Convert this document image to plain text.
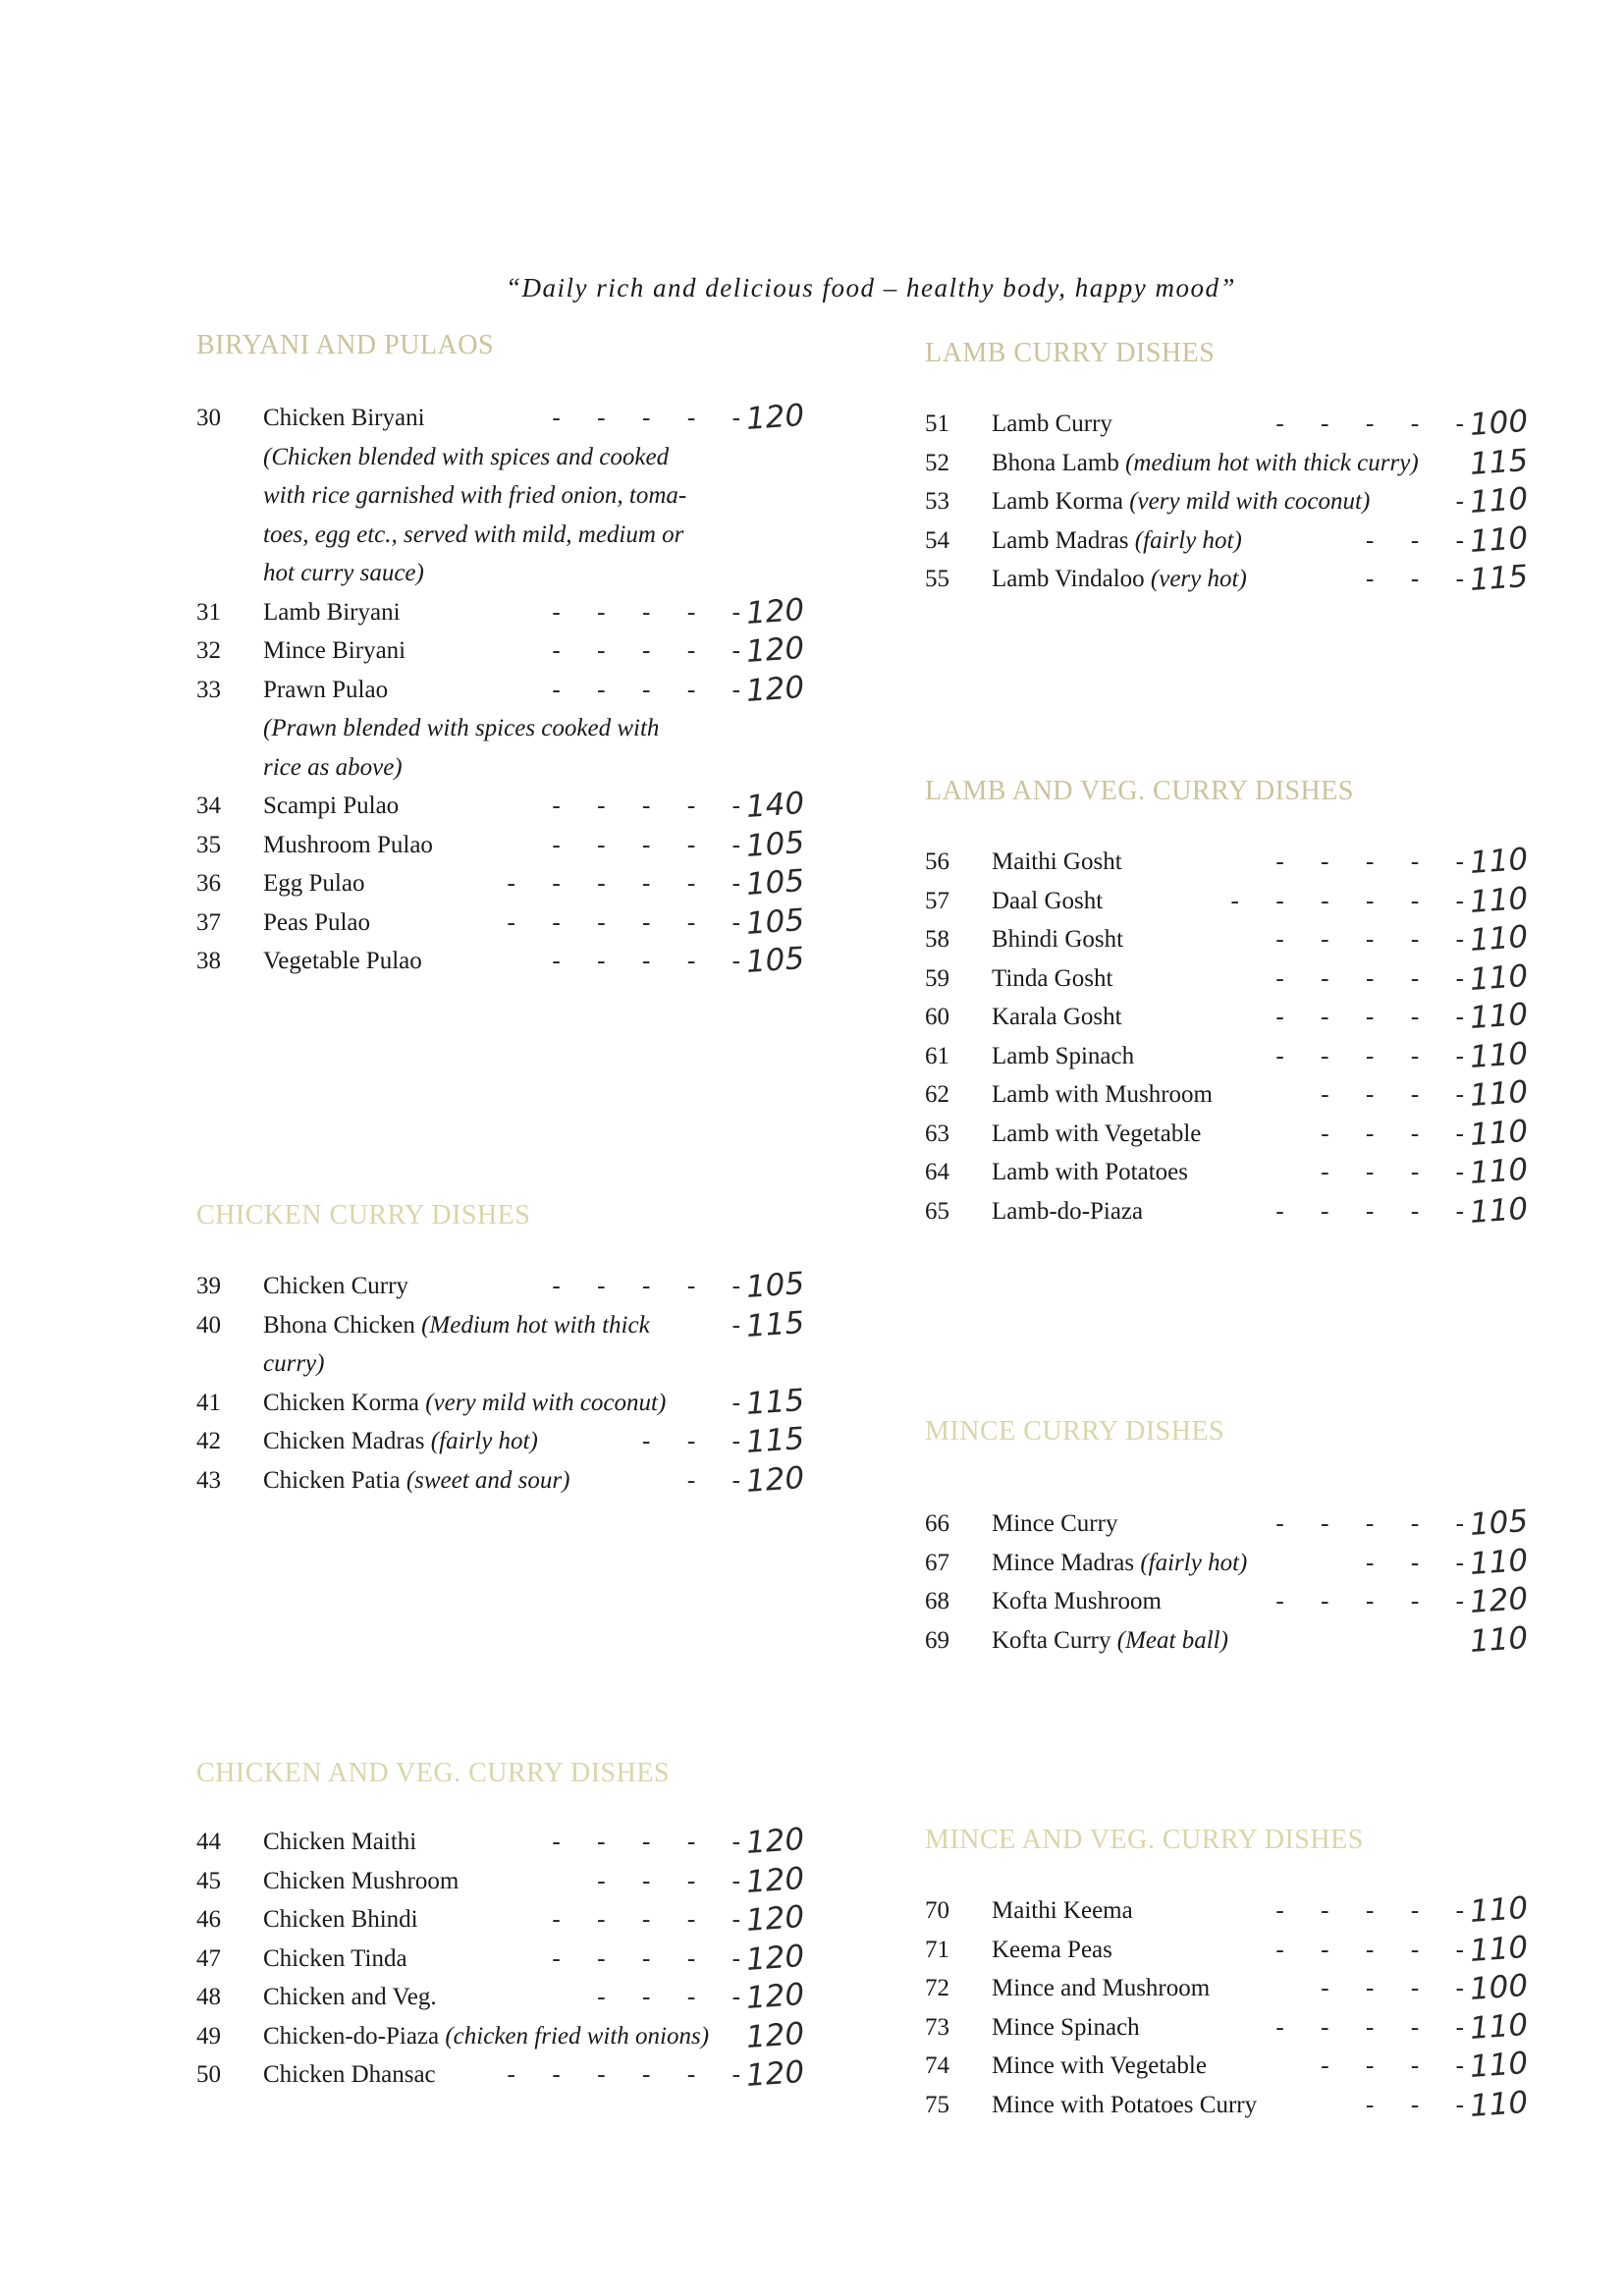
“Daily rich and delicious food – healthy body, happy mood”
BIRYANI AND PULAOS
30	Chicken Biryani	-      -      -      -      - 120
(Chicken blended with spices and cooked
with rice garnished with fried onion, toma-
toes, egg etc., served with mild, medium or
hot curry sauce)
31	Lamb Biryani	-      -      -      -      - 120
32	Mince Biryani	-      -      -      -      - 120
33	Prawn Pulao	-      -      -      -      - 120
(Prawn blended with spices cooked with
rice as above)
34	Scampi Pulao	-      -      -      -      - 140
35	Mushroom Pulao	-      -      -      -      - 105
36	Egg Pulao	-      -      -      -      -      - 105
37	Peas Pulao	-      -      -      -      -      - 105
38	Vegetable Pulao	-      -      -      -      - 105
CHICKEN CURRY DISHES
39	Chicken Curry	-      -      -      -      - 105
40	Bhona Chicken (Medium hot with thick	- 115
curry)
41	Chicken Korma (very mild with coconut)	- 115
42	Chicken Madras (fairly hot)	-      -      - 115
43	Chicken Patia (sweet and sour)	-      - 120
CHICKEN AND VEG. CURRY DISHES
44	Chicken Maithi	-      -      -      -      - 120
45	Chicken Mushroom	-      -      -      - 120
46	Chicken Bhindi	-      -      -      -      - 120
47	Chicken Tinda	-      -      -      -      - 120
48	Chicken and Veg.	-      -      -      - 120
49	Chicken-do-Piaza (chicken fried with onions) 120
50	Chicken Dhansac	-      -      -      -      -      - 120
LAMB CURRY DISHES
51	Lamb Curry	-      -      -      -      - 100
52	Bhona Lamb (medium hot with thick curry) 115
53	Lamb Korma (very mild with coconut)	- 110
54	Lamb Madras (fairly hot)	-      -      - 110
55	Lamb Vindaloo (very hot)	-      -      - 115
LAMB AND VEG. CURRY DISHES
56	Maithi Gosht	-      -      -      -      - 110
57	Daal Gosht	-      -      -      -      -      - 110
58	Bhindi Gosht	-      -      -      -      - 110
59	Tinda Gosht	-      -      -      -      - 110
60	Karala Gosht	-      -      -      -      - 110
61	Lamb Spinach	-      -      -      -      - 110
62	Lamb with Mushroom	-      -      -      - 110
63	Lamb with Vegetable	-      -      -      - 110
64	Lamb with Potatoes	-      -      -      - 110
65	Lamb-do-Piaza	-      -      -      -      - 110
MINCE CURRY DISHES
66	Mince Curry	-      -      -      -      - 105
67	Mince Madras (fairly hot)	-      -      - 110
68	Kofta Mushroom	-      -      -      -      - 120
69	Kofta Curry (Meat ball)	110
MINCE AND VEG. CURRY DISHES
70	Maithi Keema	-      -      -      -      - 110
71	Keema Peas	-      -      -      -      - 110
72	Mince and Mushroom	-      -      -      - 100
73	Mince Spinach	-      -      -      -      - 110
74	Mince with Vegetable	-      -      -      - 110
75	Mince with Potatoes Curry	-      -      - 110
